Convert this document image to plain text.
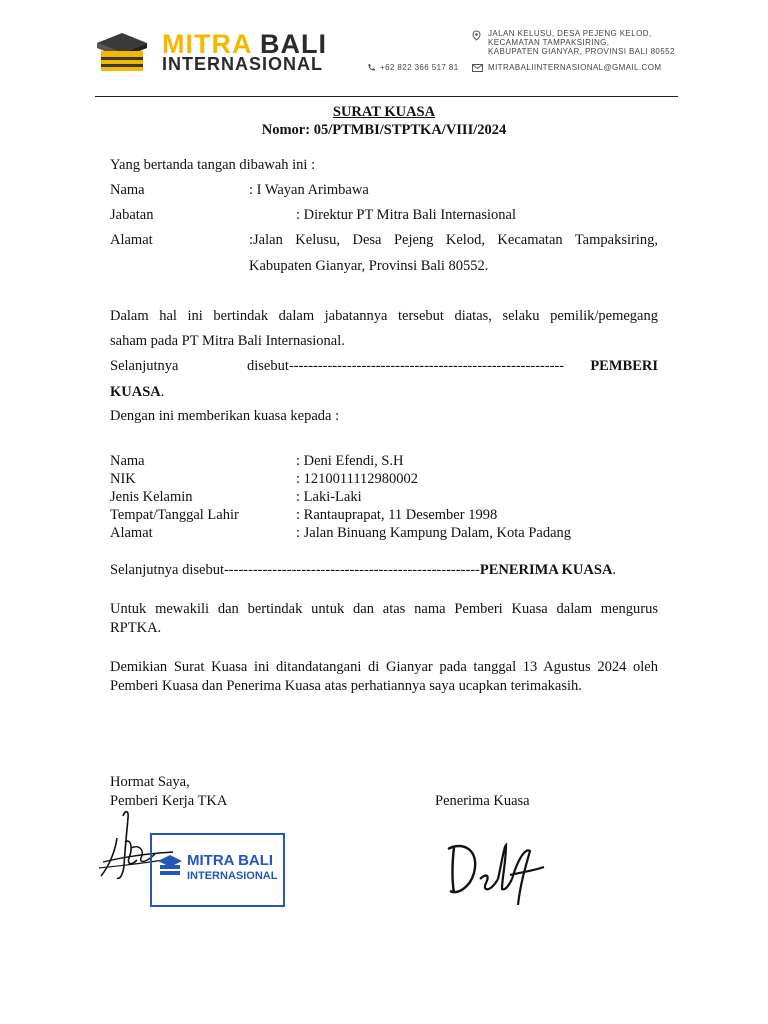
MITRA BALI
INTERNASIONAL
JALAN KELUSU, DESA PEJENG KELOD,
KECAMATAN TAMPAKSIRING,
KABUPATEN GIANYAR, PROVINSI BALI 80552
+62 822 366 517 81	MITRABALIINTERNASIONAL@GMAIL.COM
SURAT KUASA
Nomor: 05/PTMBI/STPTKA/VIII/2024
Yang bertanda tangan dibawah ini :
Nama	: I Wayan Arimbawa
Jabatan	: Direktur PT Mitra Bali Internasional
Alamat	:Jalan Kelusu, Desa Pejeng Kelod, Kecamatan Tampaksiring,
Kabupaten Gianyar, Provinsi Bali 80552.
Dalam hal ini bertindak dalam jabatannya tersebut diatas, selaku pemilik/pemegang
saham pada PT Mitra Bali Internasional.
Selanjutnya	disebut--------------------------------------------------------- PEMBERI
KUASA.
Dengan ini memberikan kuasa kepada :
Nama	: Deni Efendi, S.H
NIK	: 1210011112980002
Jenis Kelamin	: Laki-Laki
Tempat/Tanggal Lahir	: Rantauprapat, 11 Desember 1998
Alamat	: Jalan Binuang Kampung Dalam, Kota Padang
Selanjutnya disebut-----------------------------------------------------PENERIMA KUASA.
Untuk mewakili dan bertindak untuk dan atas nama Pemberi Kuasa dalam mengurus
RPTKA.
Demikian Surat Kuasa ini ditandatangani di Gianyar pada tanggal 13 Agustus 2024 oleh
Pemberi Kuasa dan Penerima Kuasa atas perhatiannya saya ucapkan terimakasih.
Hormat Saya,
Pemberi Kerja TKA	Penerima Kuasa
MITRA BALI
INTERNASIONAL
